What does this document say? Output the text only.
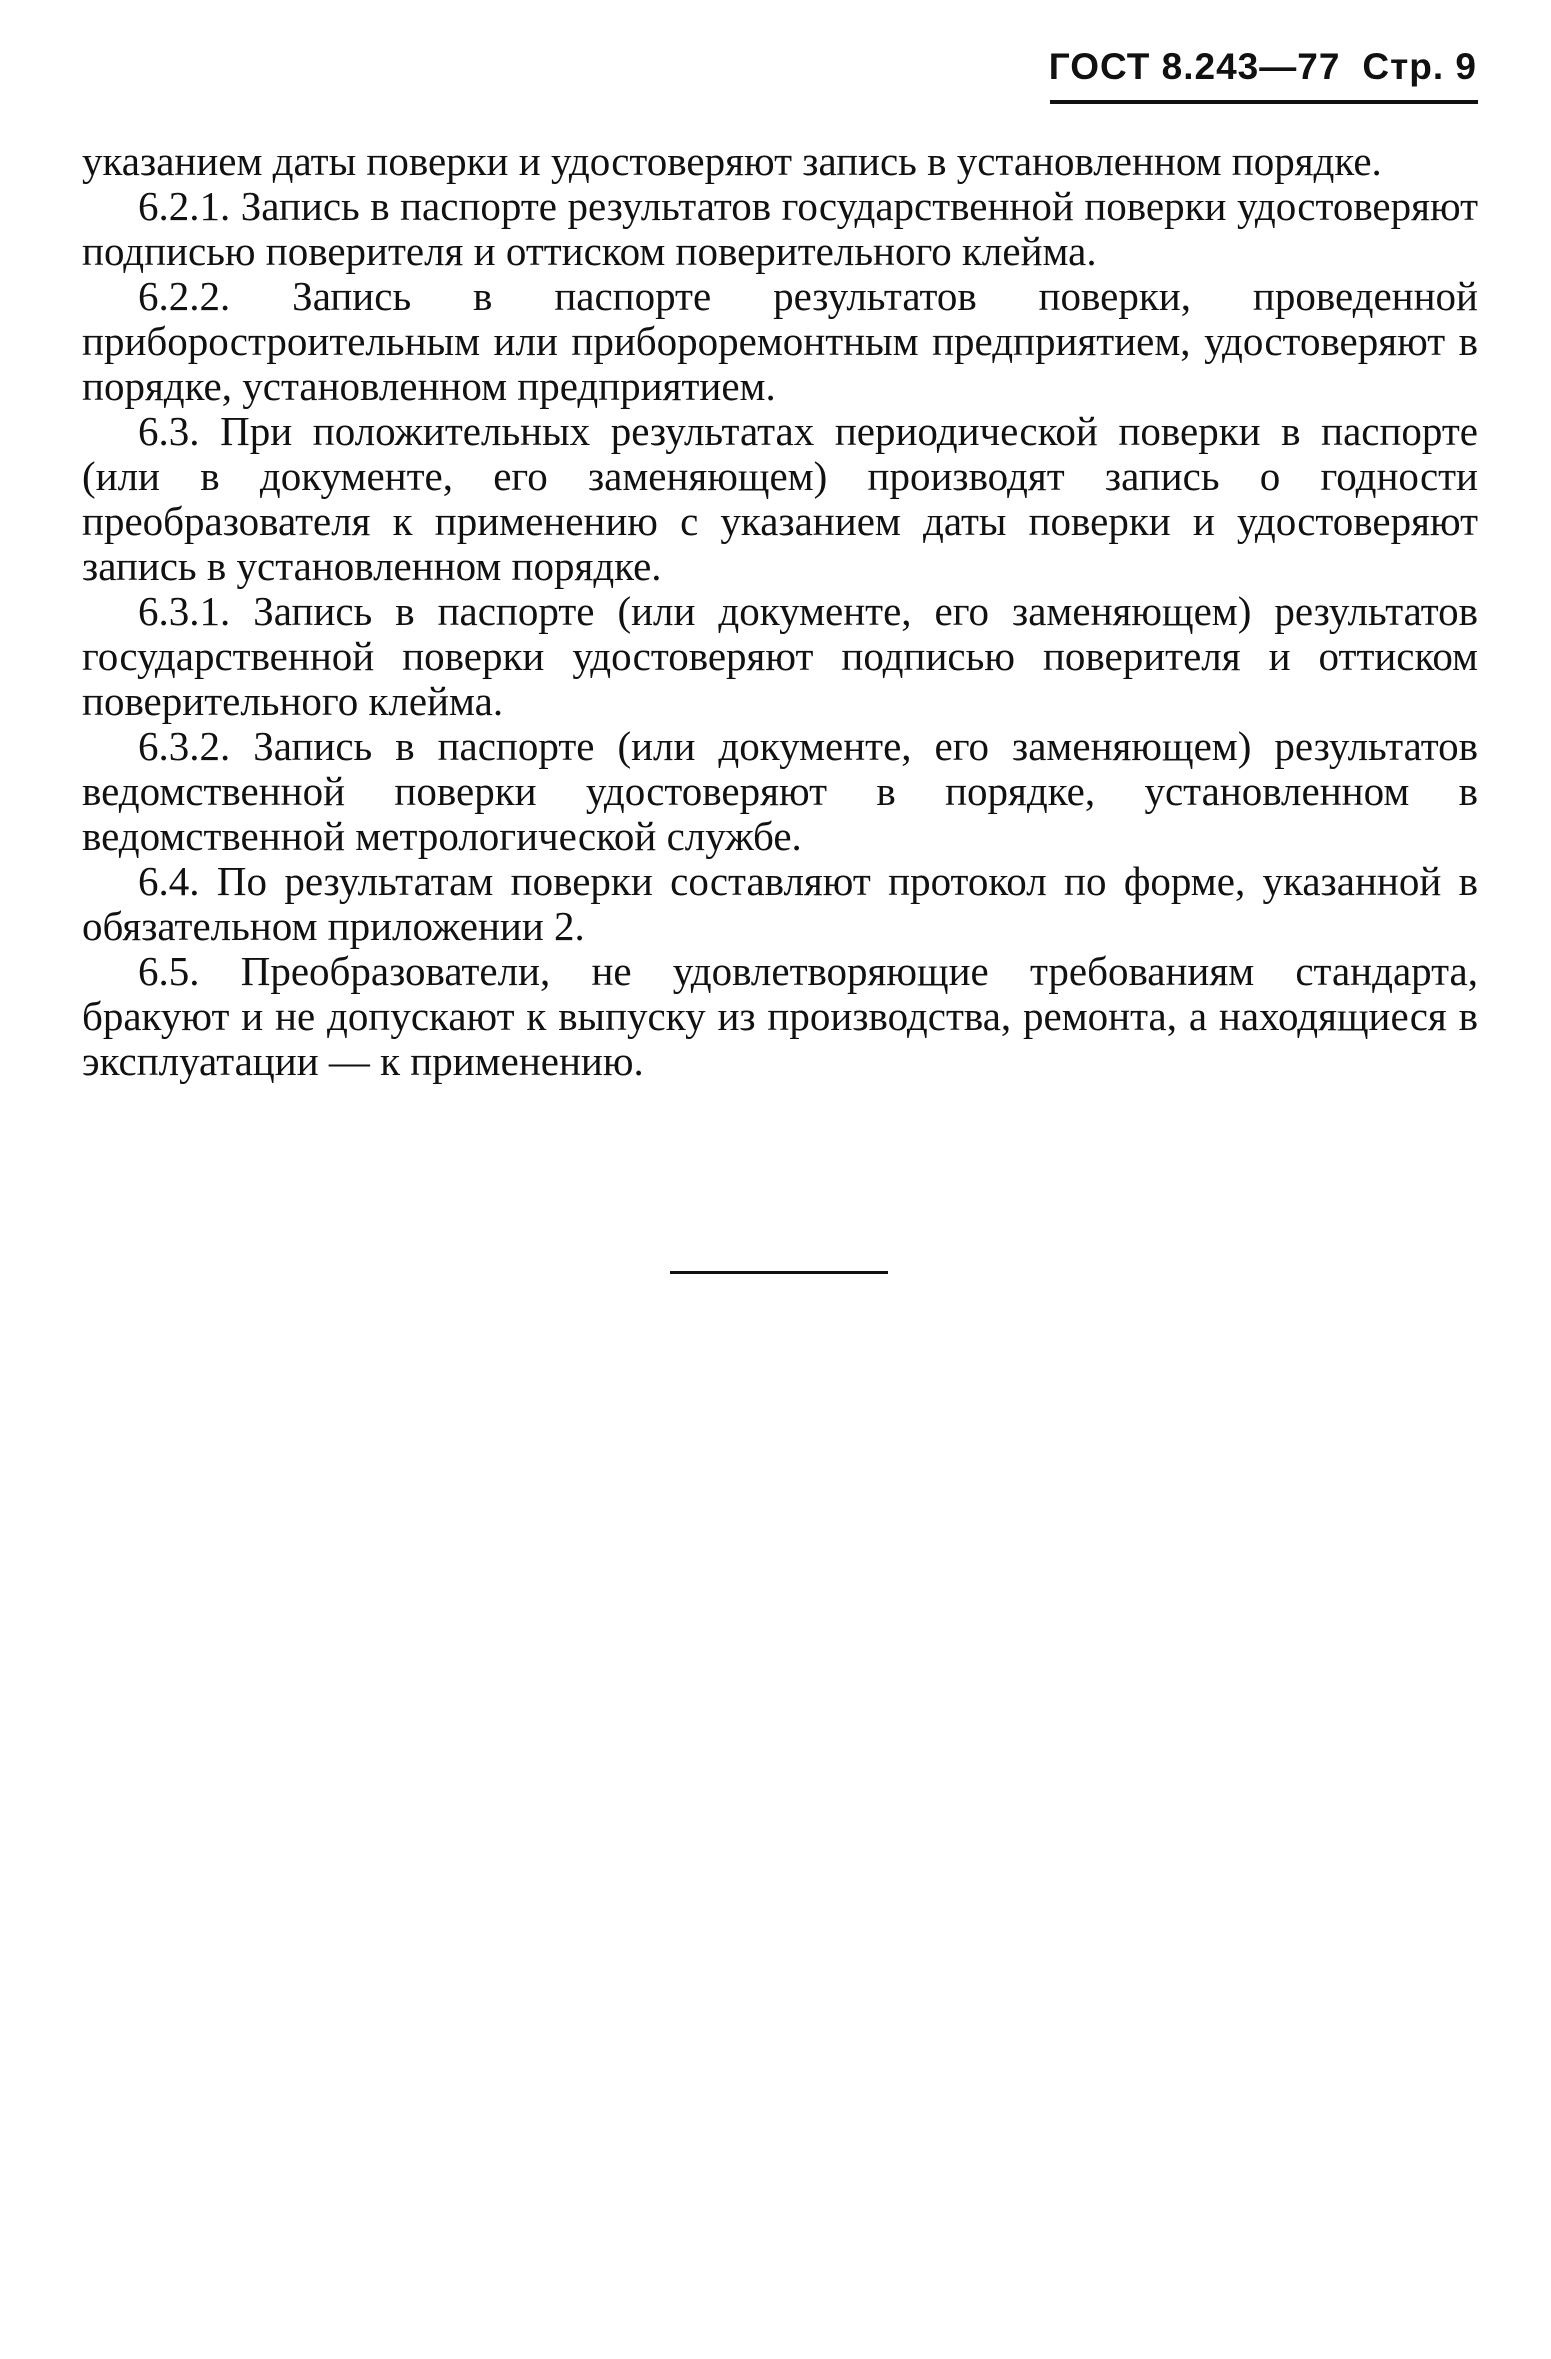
ГОСТ 8.243—77 Стр. 9

указанием даты поверки и удостоверяют запись в установленном порядке.

6.2.1. Запись в паспорте результатов государственной поверки удостоверяют подписью поверителя и оттиском поверительного клейма.

6.2.2. Запись в паспорте результатов поверки, проведенной приборостроительным или прибороремонтным предприятием, удостоверяют в порядке, установленном предприятием.

6.3. При положительных результатах периодической поверки в паспорте (или в документе, его заменяющем) производят запись о годности преобразователя к применению с указанием даты поверки и удостоверяют запись в установленном порядке.

6.3.1. Запись в паспорте (или документе, его заменяющем) результатов государственной поверки удостоверяют подписью поверителя и оттиском поверительного клейма.

6.3.2. Запись в паспорте (или документе, его заменяющем) результатов ведомственной поверки удостоверяют в порядке, установленном в ведомственной метрологической службе.

6.4. По результатам поверки составляют протокол по форме, указанной в обязательном приложении 2.

6.5. Преобразователи, не удовлетворяющие требованиям стандарта, бракуют и не допускают к выпуску из производства, ремонта, а находящиеся в эксплуатации — к применению.
